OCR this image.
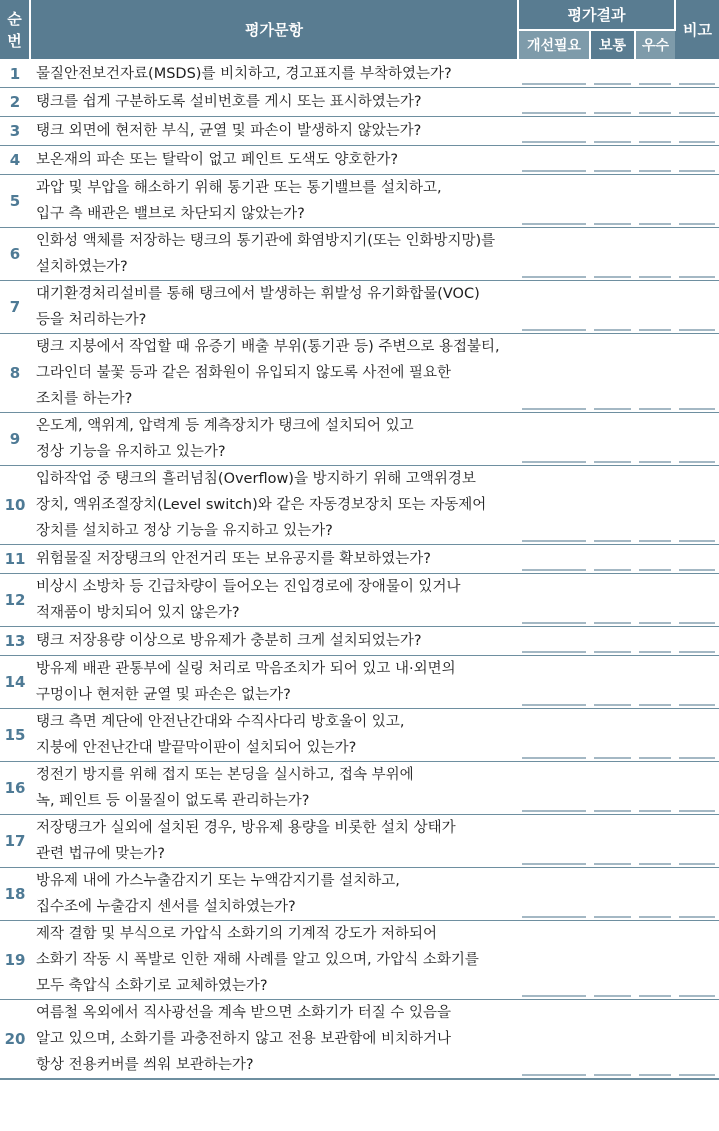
순
번	평가문항	평가결과			비고
		개선필요	보통	우수	
1	물질안전보건자료(MSDS)를 비치하고, 경고표지를 부착하였는가?				
2	탱크를 쉽게 구분하도록 설비번호를 게시 또는 표시하였는가?				
3	탱크 외면에 현저한 부식, 균열 및 파손이 발생하지 않았는가?				
4	보온재의 파손 또는 탈락이 없고 페인트 도색도 양호한가?				
5	과압 및 부압을 해소하기 위해 통기관 또는 통기밸브를 설치하고,
입구 측 배관은 밸브로 차단되지 않았는가?				
6	인화성 액체를 저장하는 탱크의 통기관에 화염방지기(또는 인화방지망)를
설치하였는가?				
7	대기환경처리설비를 통해 탱크에서 발생하는 휘발성 유기화합물(VOC)
등을 처리하는가?				
8	탱크 지붕에서 작업할 때 유증기 배출 부위(통기관 등) 주변으로 용접불티,
그라인더 불꽃 등과 같은 점화원이 유입되지 않도록 사전에 필요한
조치를 하는가?				
9	온도계, 액위계, 압력계 등 계측장치가 탱크에 설치되어 있고
정상 기능을 유지하고 있는가?				
10	입하작업 중 탱크의 흘러넘침(Overflow)을 방지하기 위해 고액위경보
장치, 액위조절장치(Level switch)와 같은 자동경보장치 또는 자동제어
장치를 설치하고 정상 기능을 유지하고 있는가?				
11	위험물질 저장탱크의 안전거리 또는 보유공지를 확보하였는가?				
12	비상시 소방차 등 긴급차량이 들어오는 진입경로에 장애물이 있거나
적재품이 방치되어 있지 않은가?				
13	탱크 저장용량 이상으로 방유제가 충분히 크게 설치되었는가?				
14	방유제 배관 관통부에 실링 처리로 막음조치가 되어 있고 내·외면의
구멍이나 현저한 균열 및 파손은 없는가?				
15	탱크 측면 계단에 안전난간대와 수직사다리 방호울이 있고,
지붕에 안전난간대 발끝막이판이 설치되어 있는가?				
16	정전기 방지를 위해 접지 또는 본딩을 실시하고, 접속 부위에
녹, 페인트 등 이물질이 없도록 관리하는가?				
17	저장탱크가 실외에 설치된 경우, 방유제 용량을 비롯한 설치 상태가
관련 법규에 맞는가?				
18	방유제 내에 가스누출감지기 또는 누액감지기를 설치하고,
집수조에 누출감지 센서를 설치하였는가?				
19	제작 결함 및 부식으로 가압식 소화기의 기계적 강도가 저하되어
소화기 작동 시 폭발로 인한 재해 사례를 알고 있으며, 가압식 소화기를
모두 축압식 소화기로 교체하였는가?				
20	여름철 옥외에서 직사광선을 계속 받으면 소화기가 터질 수 있음을
알고 있으며, 소화기를 과충전하지 않고 전용 보관함에 비치하거나
항상 전용커버를 씌워 보관하는가?				
